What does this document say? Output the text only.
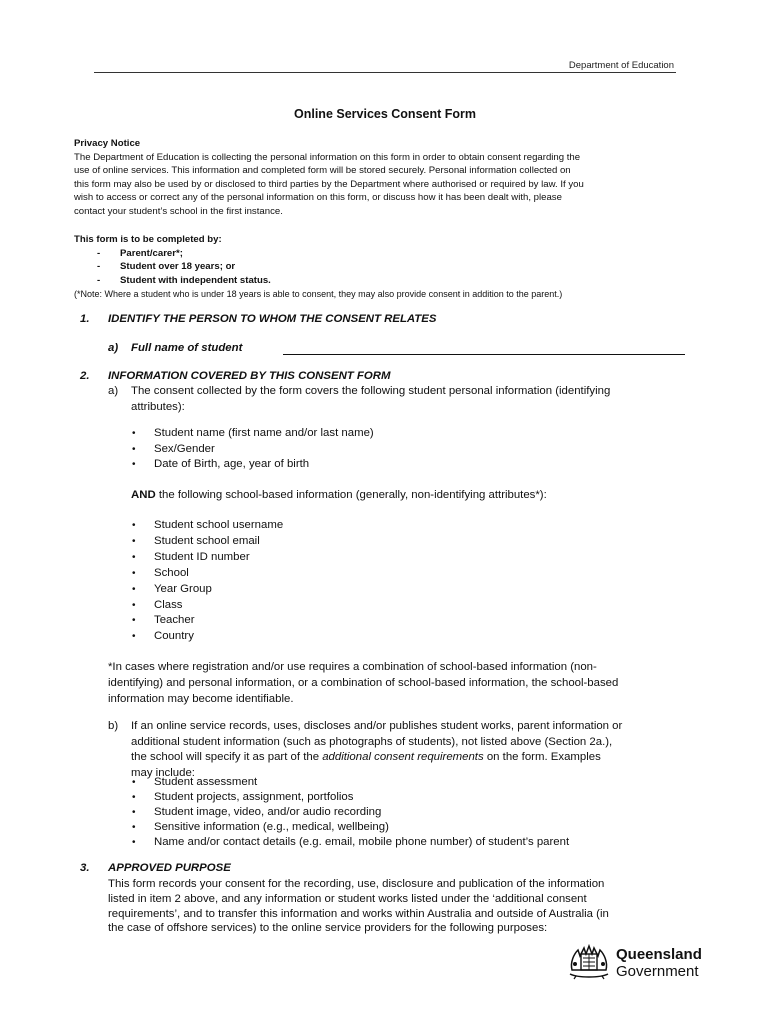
Department of Education
Online Services Consent Form
Privacy Notice
The Department of Education is collecting the personal information on this form in order to obtain consent regarding the
use of online services. This information and completed form will be stored securely. Personal information collected on
this form may also be used by or disclosed to third parties by the Department where authorised or required by law. If you
wish to access or correct any of the personal information on this form, or discuss how it has been dealt with, please
contact your student’s school in the first instance.
This form is to be completed by:
- Parent/carer*;
- Student over 18 years; or
- Student with independent status.
(*Note: Where a student who is under 18 years is able to consent, they may also provide consent in addition to the parent.)
1. IDENTIFY THE PERSON TO WHOM THE CONSENT RELATES
a) Full name of student
2. INFORMATION COVERED BY THIS CONSENT FORM
a) The consent collected by the form covers the following student personal information (identifying
attributes):
• Student name (first name and/or last name)
• Sex/Gender
• Date of Birth, age, year of birth
AND the following school-based information (generally, non-identifying attributes*):
• Student school username
• Student school email
• Student ID number
• School
• Year Group
• Class
• Teacher
• Country
*In cases where registration and/or use requires a combination of school-based information (non-
identifying) and personal information, or a combination of school-based information, the school-based
information may become identifiable.
b) If an online service records, uses, discloses and/or publishes student works, parent information or
additional student information (such as photographs of students), not listed above (Section 2a.),
the school will specify it as part of the additional consent requirements on the form. Examples
may include:
• Student assessment
• Student projects, assignment, portfolios
• Student image, video, and/or audio recording
• Sensitive information (e.g., medical, wellbeing)
• Name and/or contact details (e.g. email, mobile phone number) of student’s parent
3. APPROVED PURPOSE
This form records your consent for the recording, use, disclosure and publication of the information
listed in item 2 above, and any information or student works listed under the ‘additional consent
requirements’, and to transfer this information and works within Australia and outside of Australia (in
the case of offshore services) to the online service providers for the following purposes:
Queensland
Government
